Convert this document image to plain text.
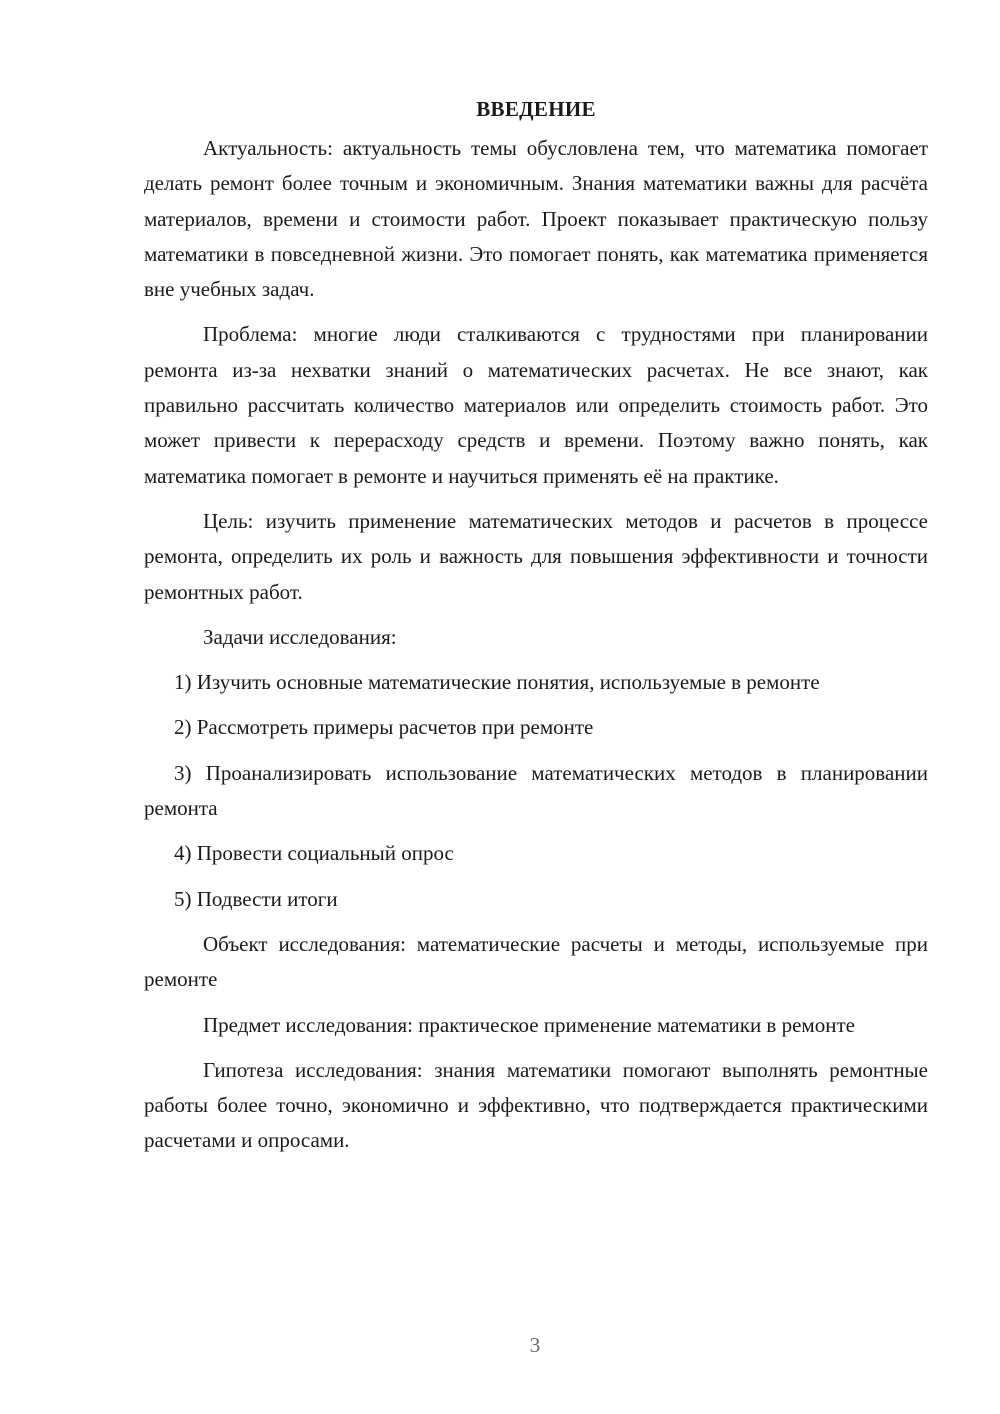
ВВЕДЕНИЕ

Актуальность: актуальность темы обусловлена тем, что математика помогает делать ремонт более точным и экономичным. Знания математики важны для расчёта материалов, времени и стоимости работ. Проект показывает практическую пользу математики в повседневной жизни. Это помогает понять, как математика применяется вне учебных задач.

Проблема: многие люди сталкиваются с трудностями при планировании ремонта из-за нехватки знаний о математических расчетах. Не все знают, как правильно рассчитать количество материалов или определить стоимость работ. Это может привести к перерасходу средств и времени. Поэтому важно понять, как математика помогает в ремонте и научиться применять её на практике.

Цель: изучить применение математических методов и расчетов в процессе ремонта, определить их роль и важность для повышения эффективности и точности ремонтных работ.

Задачи исследования:

1) Изучить основные математические понятия, используемые в ремонте

2) Рассмотреть примеры расчетов при ремонте

3) Проанализировать использование математических методов в планировании ремонта

4) Провести социальный опрос

5) Подвести итоги

Объект исследования: математические расчеты и методы, используемые при ремонте

Предмет исследования: практическое применение математики в ремонте

Гипотеза исследования: знания математики помогают выполнять ремонтные работы более точно, экономично и эффективно, что подтверждается практическими расчетами и опросами.

3
